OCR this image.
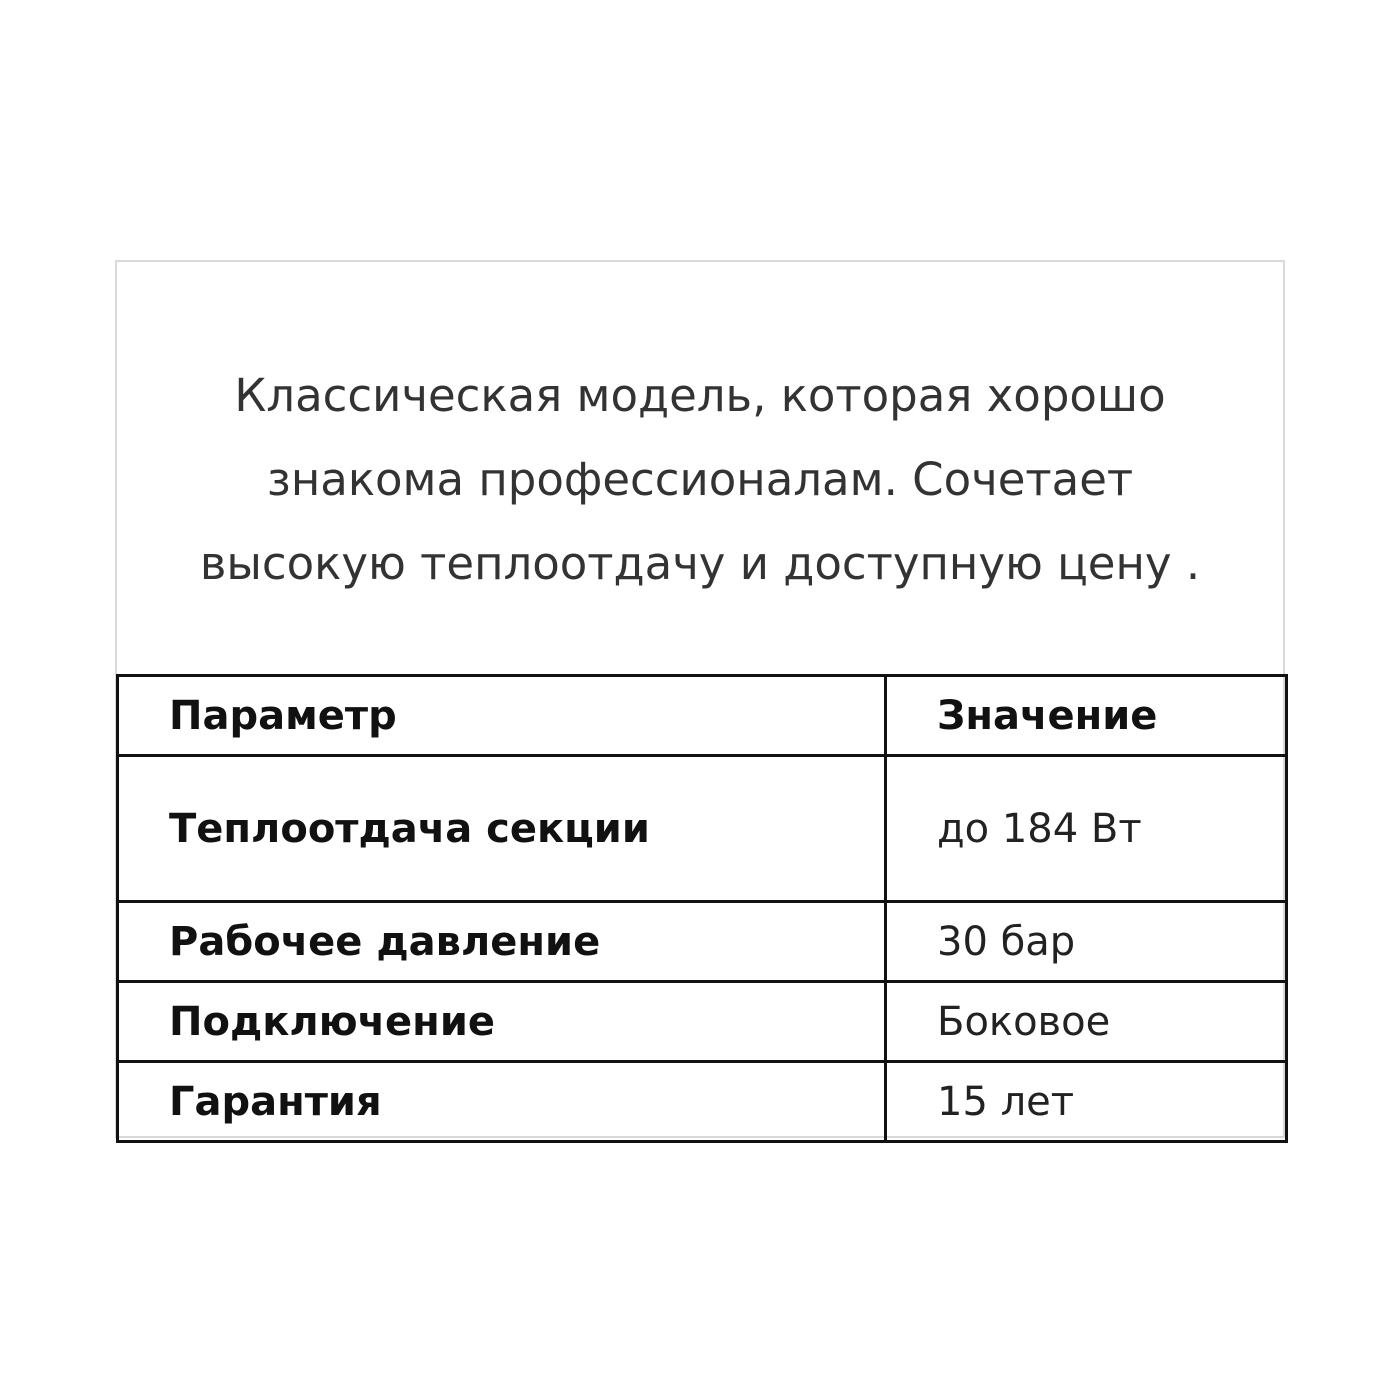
Классическая модель, которая хорошо
знакома профессионалам. Сочетает
высокую теплоотдачу и доступную цену .

Параметр	Значение
Теплоотдача секции	до 184 Вт
Рабочее давление	30 бар
Подключение	Боковое
Гарантия	15 лет
